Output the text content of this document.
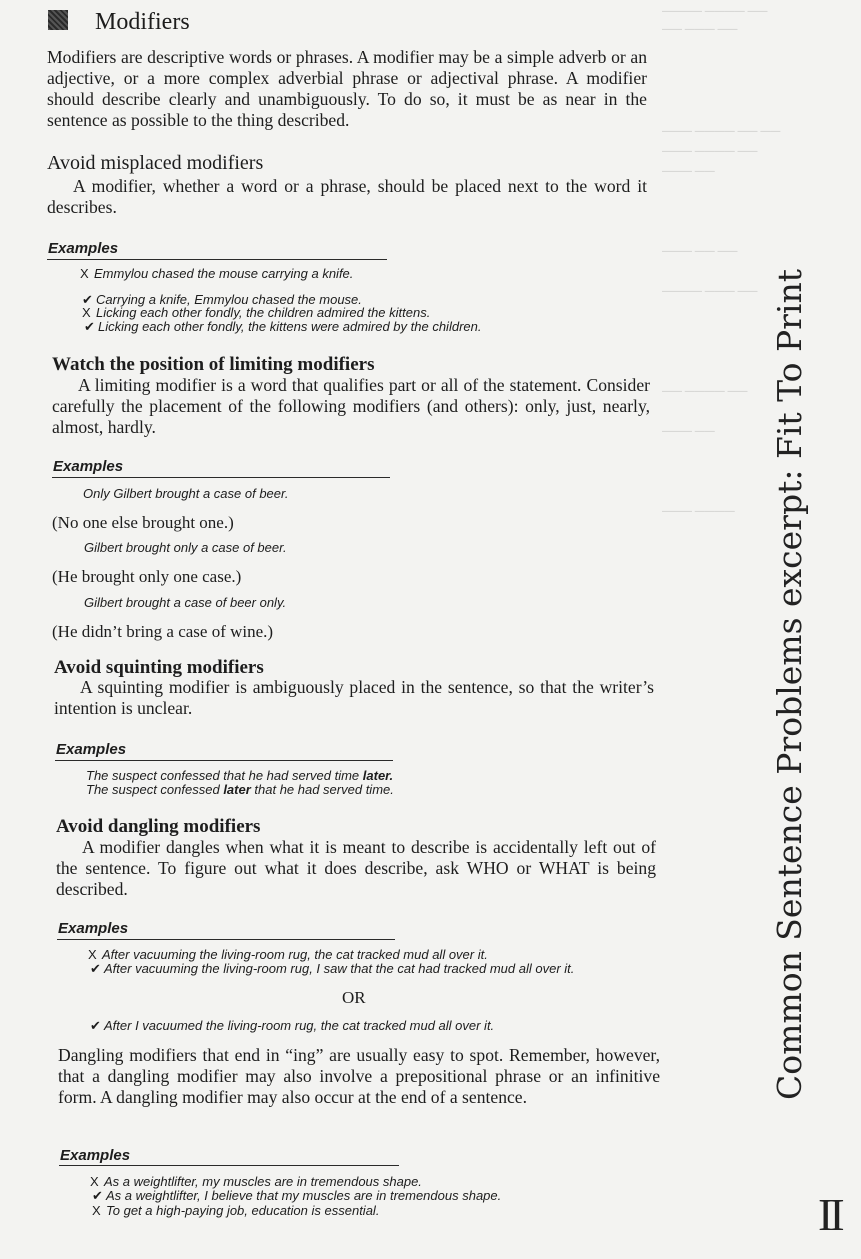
———— ———— ——
—— ——— ——
——— ———— —— ——
——— ———— ——
——— ——
——— —— ——
———— ——— ——
—— ———— ——
——— ——
——— ————
Modifiers
Modifiers are descriptive words or phrases. A modifier may be a simple adverb or an adjective, or a more complex adverbial phrase or adjectival phrase. A modifier should describe clearly and unambiguously. To do so, it must be as near in the sentence as possible to the thing described.
Avoid misplaced modifiers
A modifier, whether a word or a phrase, should be placed next to the word it describes.
Examples
X Emmylou chased the mouse carrying a knife.
✔ Carrying a knife, Emmylou chased the mouse.
X Licking each other fondly, the children admired the kittens.
✔ Licking each other fondly, the kittens were admired by the children.
Watch the position of limiting modifiers
A limiting modifier is a word that qualifies part or all of the statement. Consider carefully the placement of the following modifiers (and others): only, just, nearly, almost, hardly.
Examples
Only Gilbert brought a case of beer.
(No one else brought one.)
Gilbert brought only a case of beer.
(He brought only one case.)
Gilbert brought a case of beer only.
(He didn’t bring a case of wine.)
Avoid squinting modifiers
A squinting modifier is ambiguously placed in the sentence, so that the writer’s intention is unclear.
Examples
The suspect confessed that he had served time later.
The suspect confessed later that he had served time.
Avoid dangling modifiers
A modifier dangles when what it is meant to describe is accidentally left out of the sentence. To figure out what it does describe, ask WHO or WHAT is being described.
Examples
X After vacuuming the living-room rug, the cat tracked mud all over it.
✔ After vacuuming the living-room rug, I saw that the cat had tracked mud all over it.
OR
✔ After I vacuumed the living-room rug, the cat tracked mud all over it.
Dangling modifiers that end in “ing” are usually easy to spot. Remember, however, that a dangling modifier may also involve a prepositional phrase or an infinitive form. A dangling modifier may also occur at the end of a sentence.
Examples
X As a weightlifter, my muscles are in tremendous shape.
✔ As a weightlifter, I believe that my muscles are in tremendous shape.
X To get a high-paying job, education is essential.
Common Sentence Problems excerpt: Fit To Print
II
